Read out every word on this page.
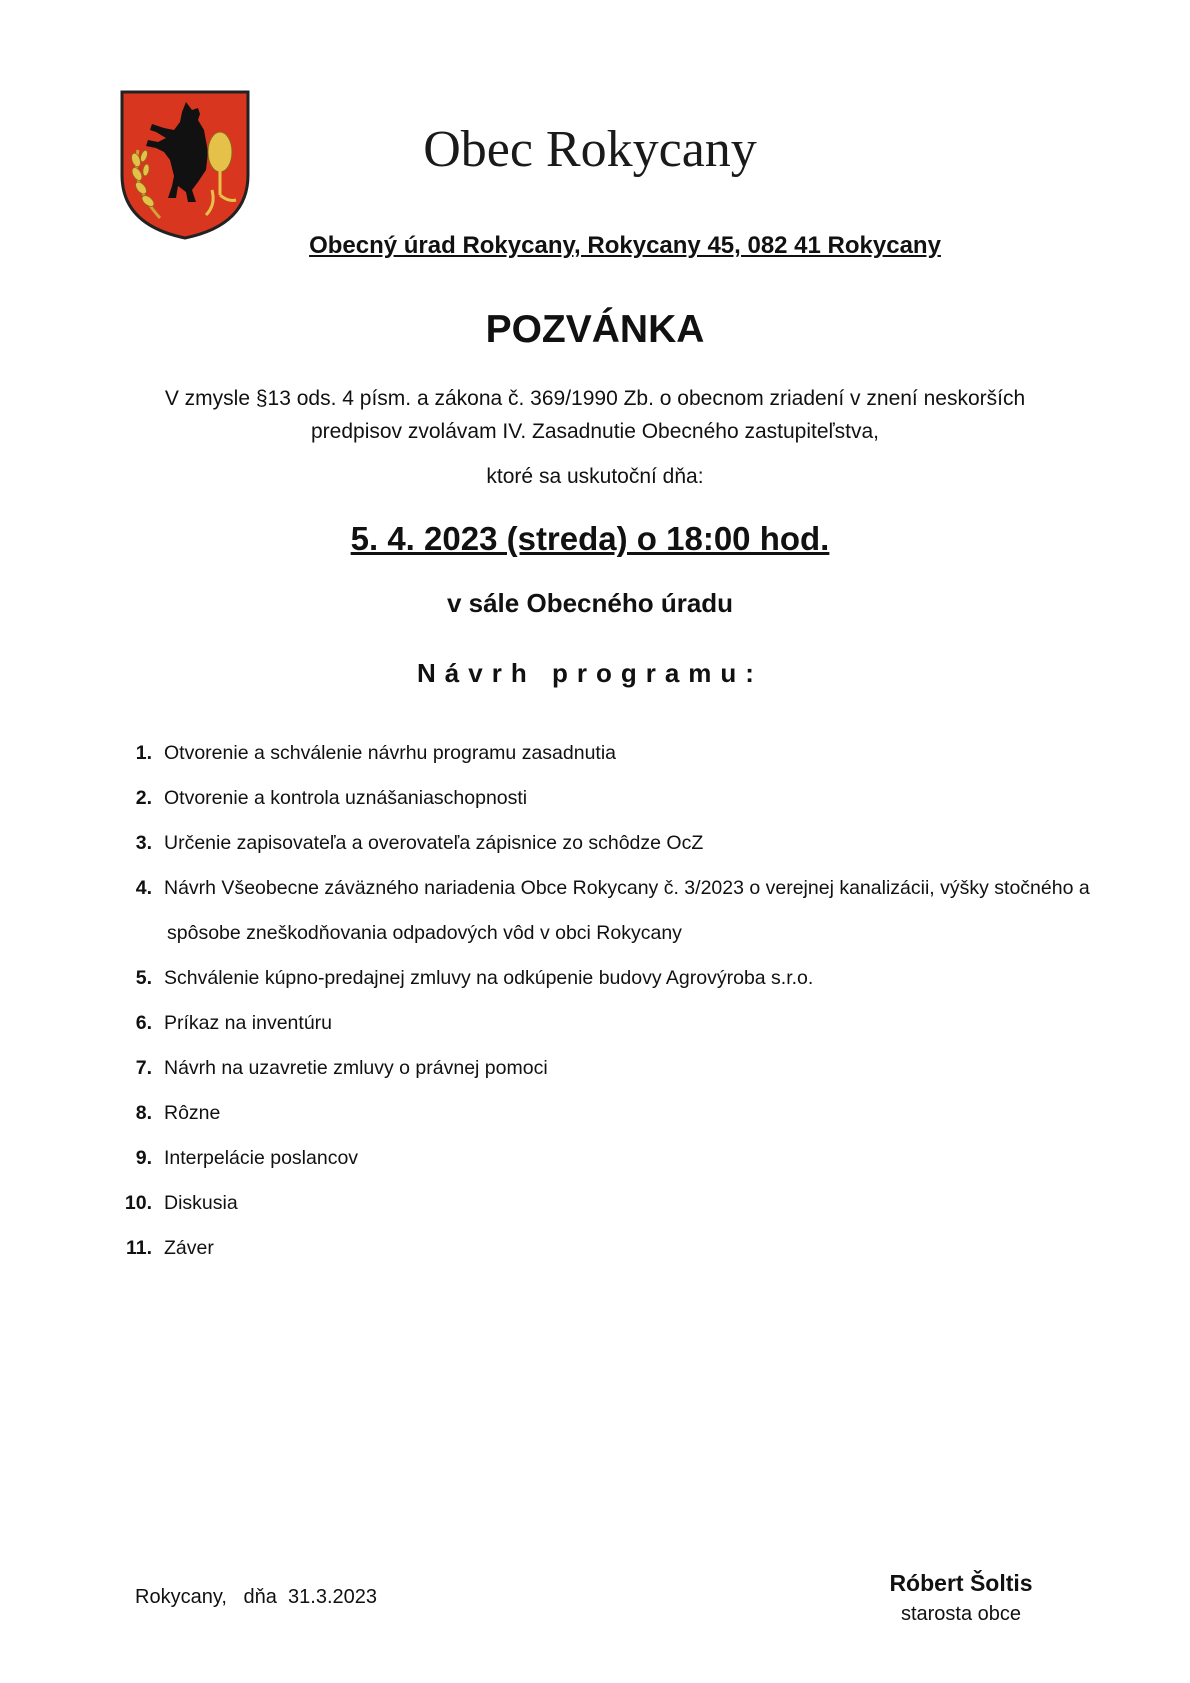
Obec Rokycany
Obecný úrad Rokycany, Rokycany 45, 082 41 Rokycany
POZVÁNKA
V zmysle §13 ods. 4 písm. a zákona č. 369/1990 Zb. o obecnom zriadení v znení neskorších predpisov zvolávam IV. Zasadnutie Obecného zastupiteľstva,
ktoré sa uskutoční dňa:
5. 4. 2023 (streda) o 18:00 hod.
v sále Obecného úradu
Návrh programu:
1. Otvorenie a schválenie návrhu programu zasadnutia
2. Otvorenie a kontrola uznášaniaschopnosti
3. Určenie zapisovateľa a overovateľa zápisnice zo schôdze OcZ
4. Návrh Všeobecne záväzného nariadenia Obce Rokycany č. 3/2023 o verejnej kanalizácii, výšky stočného a
spôsobe zneškodňovania odpadových vôd v obci Rokycany
5. Schválenie kúpno-predajnej zmluvy na odkúpenie budovy Agrovýroba s.r.o.
6. Príkaz na inventúru
7. Návrh na uzavretie zmluvy o právnej pomoci
8. Rôzne
9. Interpelácie poslancov
10. Diskusia
11. Záver
Rokycany,   dňa  31.3.2023
Róbert Šoltis
starosta obce
